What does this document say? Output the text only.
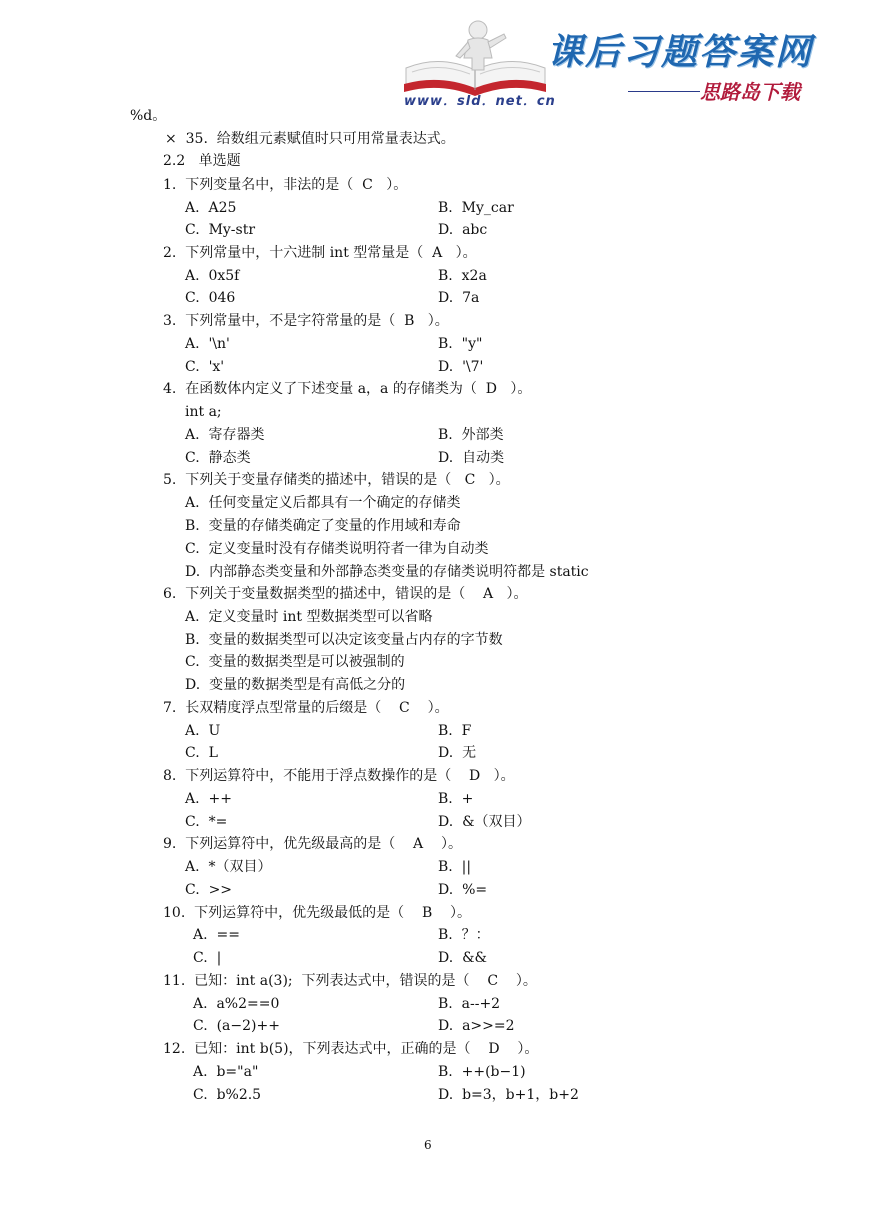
www．sld．net．cn
课后习题答案网
思路岛下载
%d。
×  35.  给数组元素赋值时只可用常量表达式。
2.2   单选题
1.  下列变量名中，非法的是（  C   ）。
A.  A25	B.  My_car
C.  My-str	D.  abc
2.  下列常量中，十六进制 int 型常量是（  A   ）。
A.  0x5f	B.  x2a
C.  046	D.  7a
3.  下列常量中，不是字符常量的是（  B   ）。
A.  '\n'	B.  "y"
C.  'x'	D.  '\7'
4.  在函数体内定义了下述变量 a，a 的存储类为（  D   ）。
int a;
A.  寄存器类	B.  外部类
C.  静态类	D.  自动类
5.  下列关于变量存储类的描述中，错误的是（   C   ）。
A.  任何变量定义后都具有一个确定的存储类
B.  变量的存储类确定了变量的作用域和寿命
C.  定义变量时没有存储类说明符者一律为自动类
D.  内部静态类变量和外部静态类变量的存储类说明符都是 static
6.  下列关于变量数据类型的描述中，错误的是（    A   ）。
A.  定义变量时 int 型数据类型可以省略
B.  变量的数据类型可以决定该变量占内存的字节数
C.  变量的数据类型是可以被强制的
D.  变量的数据类型是有高低之分的
7.  长双精度浮点型常量的后缀是（    C    ）。
A.  U	B.  F
C.  L	D.  无
8.  下列运算符中，不能用于浮点数操作的是（    D   ）。
A.  ++	B.  +
C.  *=	D.  &（双目）
9.  下列运算符中，优先级最高的是（    A    ）。
A.  *（双目）	B.  ||
C.  >>	D.  %=
10.  下列运算符中，优先级最低的是（    B    ）。
A.  ==	B.  ？：
C.  |	D.  &&
11.  已知：int a(3);  下列表达式中，错误的是（    C    ）。
A.  a%2==0	B.  a--+2
C.  (a−2)++	D.  a>>=2
12.  已知：int b(5)，下列表达式中，正确的是（    D    ）。
A.  b="a"	B.  ++(b−1)
C.  b%2.5	D.  b=3，b+1，b+2
6
